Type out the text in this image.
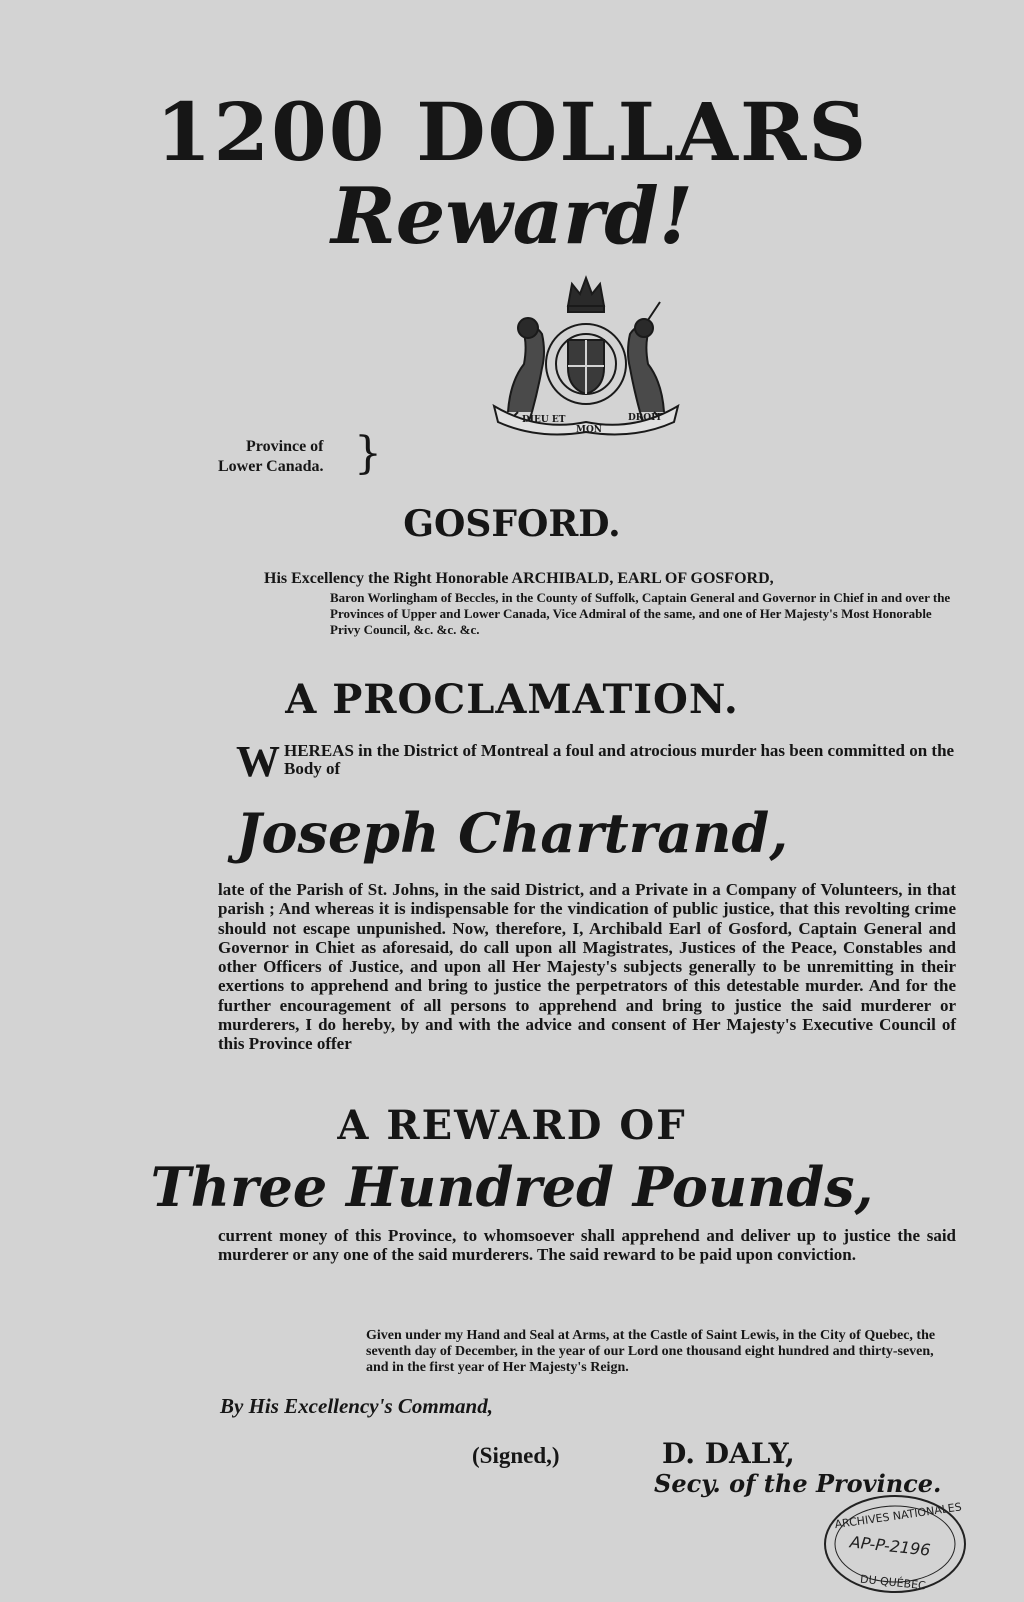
1200 DOLLARS
Reward!
DIEU ET
MON
DROIT
Province of
Lower Canada. }
GOSFORD.
His Excellency the Right Honorable ARCHIBALD, EARL OF GOSFORD,
Baron Worlingham of Beccles, in the County of Suffolk, Captain General and Governor in Chief in and over the Provinces of Upper and Lower Canada, Vice Admiral of the same, and one of Her Majesty's Most Honorable Privy Council, &c. &c. &c.
A PROCLAMATION.
W HEREAS in the District of Montreal a foul and atrocious murder has been committed on the Body of
Joseph Chartrand,
late of the Parish of St. Johns, in the said District, and a Private in a Company of Volunteers, in that parish ; And whereas it is indispensable for the vindication of public justice, that this revolting crime should not escape unpunished. Now, therefore, I, Archibald Earl of Gosford, Captain General and Governor in Chiet as aforesaid, do call upon all Magistrates, Justices of the Peace, Constables and other Officers of Justice, and upon all Her Majesty's subjects generally to be unremitting in their exertions to apprehend and bring to justice the perpetrators of this detestable murder. And for the further encouragement of all persons to apprehend and bring to justice the said murderer or murderers, I do hereby, by and with the advice and consent of Her Majesty's Executive Council of this Province offer
A REWARD OF
Three Hundred Pounds,
current money of this Province, to whomsoever shall apprehend and deliver up to justice the said murderer or any one of the said murderers. The said reward to be paid upon conviction.
Given under my Hand and Seal at Arms, at the Castle of Saint Lewis, in the City of Quebec, the seventh day of December, in the year of our Lord one thousand eight hundred and thirty-seven, and in the first year of Her Majesty's Reign.
By His Excellency's Command,
(Signed,)	D. DALY,
Secy. of the Province.
ARCHIVES NATIONALES
AP-P-2196
DU QUÉBEC
